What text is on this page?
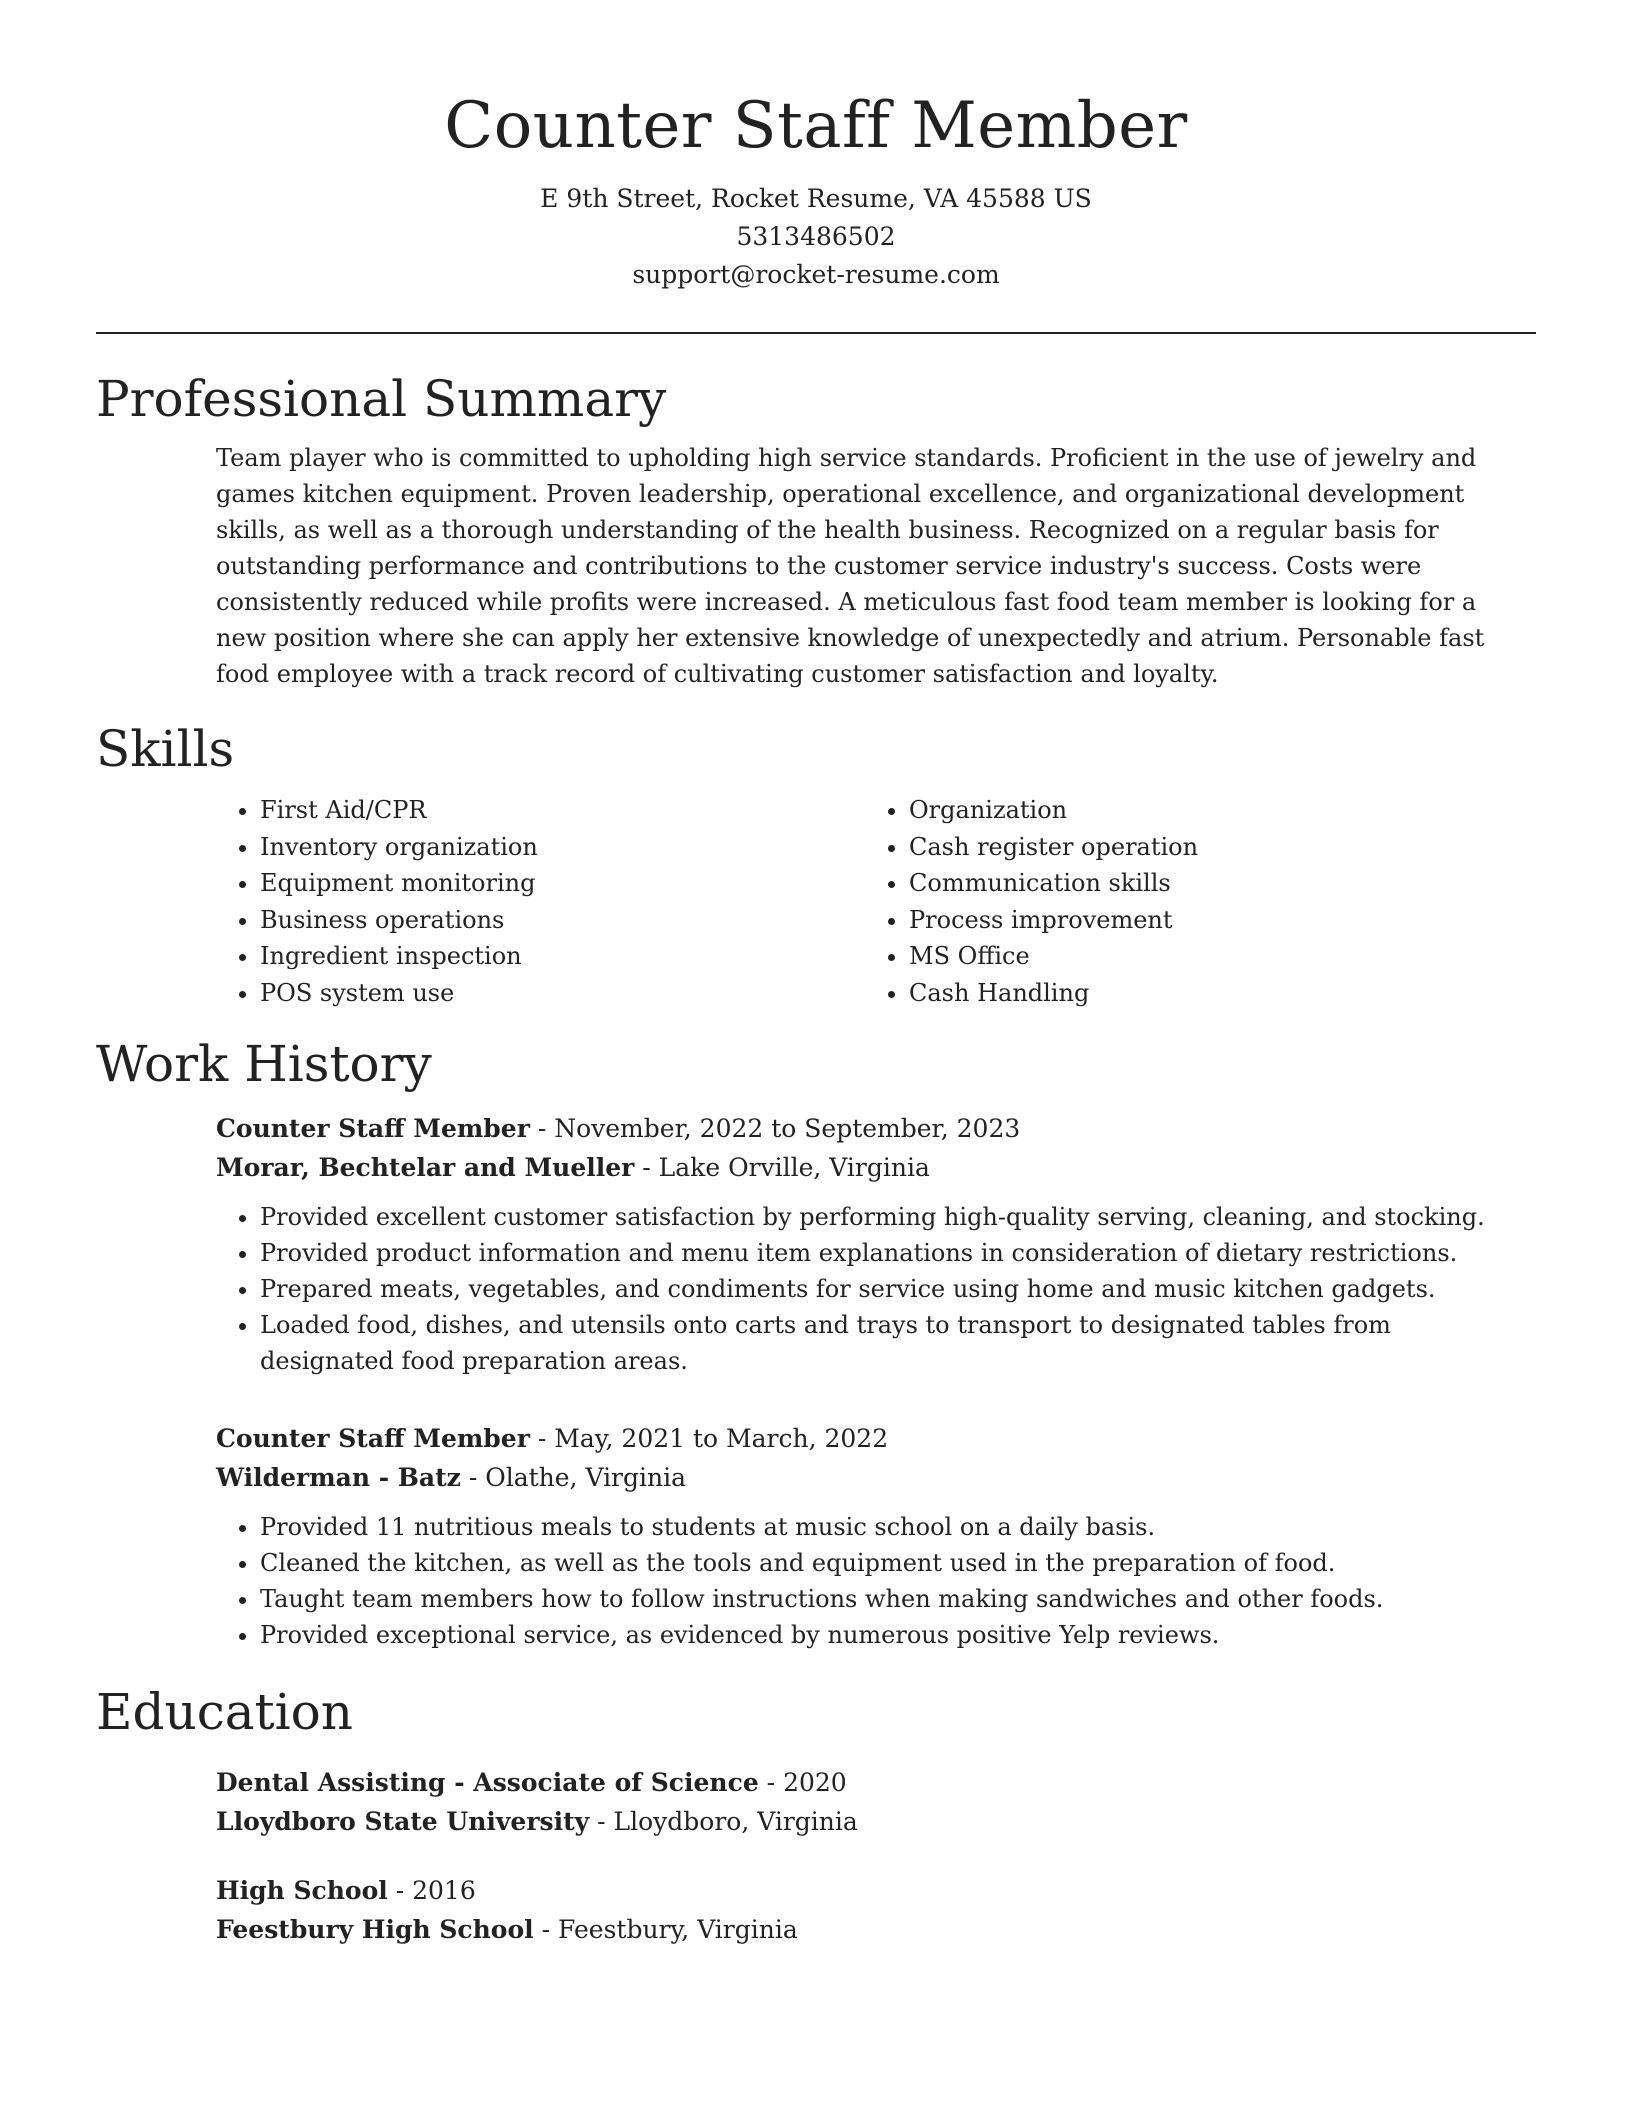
Counter Staff Member

E 9th Street, Rocket Resume, VA 45588 US

5313486502

support@rocket-resume.com

Professional Summary

Team player who is committed to upholding high service standards. Proficient in the use of jewelry and games kitchen equipment. Proven leadership, operational excellence, and organizational development skills, as well as a thorough understanding of the health business. Recognized on a regular basis for outstanding performance and contributions to the customer service industry's success. Costs were consistently reduced while profits were increased. A meticulous fast food team member is looking for a new position where she can apply her extensive knowledge of unexpectedly and atrium. Personable fast food employee with a track record of cultivating customer satisfaction and loyalty.

Skills
• First Aid/CPR
• Inventory organization
• Equipment monitoring
• Business operations
• Ingredient inspection
• POS system use
• Organization
• Cash register operation
• Communication skills
• Process improvement
• MS Office
• Cash Handling
Work History

Counter Staff Member - November, 2022 to September, 2023

Morar, Bechtelar and Mueller - Lake Orville, Virginia

• Provided excellent customer satisfaction by performing high-quality serving, cleaning, and stocking.
• Provided product information and menu item explanations in consideration of dietary restrictions.
• Prepared meats, vegetables, and condiments for service using home and music kitchen gadgets.
• Loaded food, dishes, and utensils onto carts and trays to transport to designated tables from designated food preparation areas.

Counter Staff Member - May, 2021 to March, 2022

Wilderman - Batz - Olathe, Virginia

• Provided 11 nutritious meals to students at music school on a daily basis.
• Cleaned the kitchen, as well as the tools and equipment used in the preparation of food.
• Taught team members how to follow instructions when making sandwiches and other foods.
• Provided exceptional service, as evidenced by numerous positive Yelp reviews.
Education

Dental Assisting - Associate of Science - 2020

Lloydboro State University - Lloydboro, Virginia

High School - 2016

Feestbury High School - Feestbury, Virginia
